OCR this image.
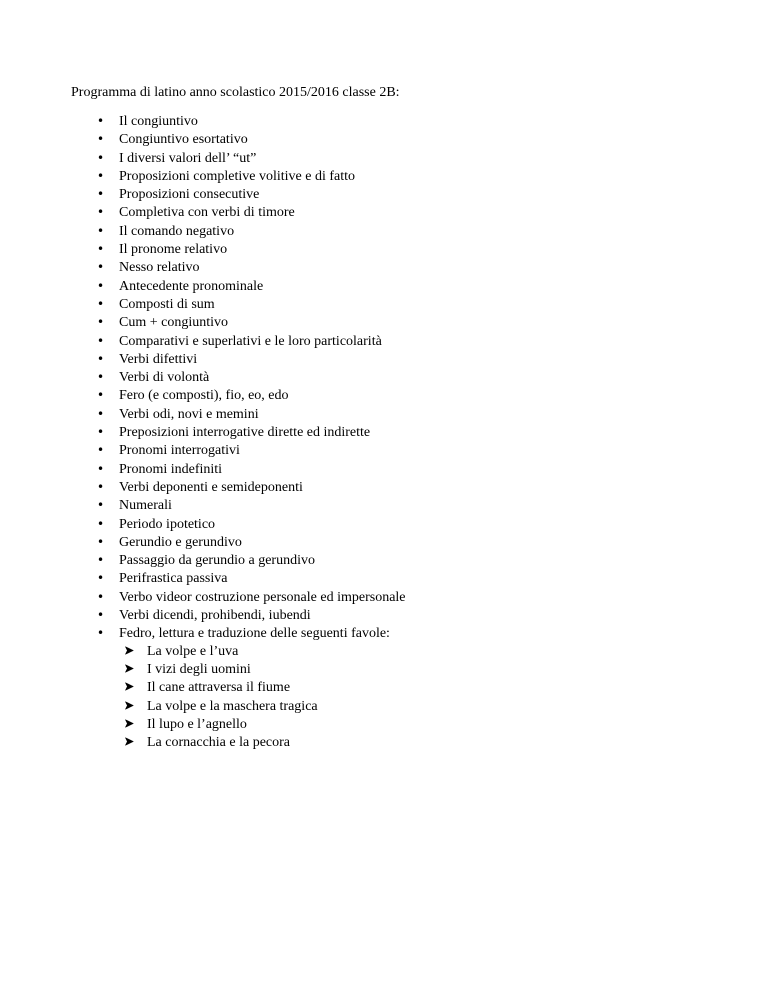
Programma di latino anno scolastico 2015/2016 classe 2B:
•	Il congiuntivo
•	Congiuntivo esortativo
•	I diversi valori dell’ “ut”
•	Proposizioni completive volitive e di fatto
•	Proposizioni consecutive
•	Completiva con verbi di timore
•	Il comando negativo
•	Il pronome relativo
•	Nesso relativo
•	Antecedente pronominale
•	Composti di sum
•	Cum + congiuntivo
•	Comparativi e superlativi e le loro particolarità
•	Verbi difettivi
•	Verbi di volontà
•	Fero (e composti), fio, eo, edo
•	Verbi odi, novi e memini
•	Preposizioni interrogative dirette ed indirette
•	Pronomi interrogativi
•	Pronomi indefiniti
•	Verbi deponenti e semideponenti
•	Numerali
•	Periodo ipotetico
•	Gerundio e gerundivo
•	Passaggio da gerundio a gerundivo
•	Perifrastica passiva
•	Verbo videor costruzione personale ed impersonale
•	Verbi dicendi, prohibendi, iubendi
•	Fedro, lettura e traduzione delle seguenti favole:
La volpe e l’uva
I vizi degli uomini
Il cane attraversa il fiume
La volpe e la maschera tragica
Il lupo e l’agnello
La cornacchia e la pecora
